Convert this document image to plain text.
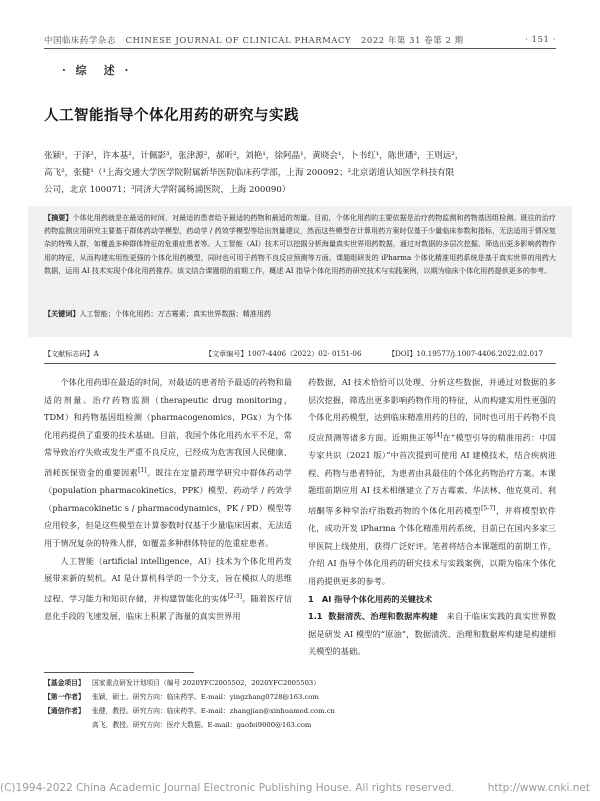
中国临床药学杂志 CHINESE JOURNAL OF CLINICAL PHARMACY 2022 年第 31 卷第 2 期	· 151 ·
· 综　述 ·
人工智能指导个体化用药的研究与实践
张颖¹，于泽²，许本基²，计佩影³，张津源²，郝昕²，刘艳¹，徐阿晶¹，黄晓会¹，卜书红¹，陈世璠²，王则远²，
高飞²，张健¹（¹上海交通大学医学院附属新华医院临床药学部，上海 200092；²北京诺道认知医学科技有限
公司，北京 100071；³同济大学附属杨浦医院，上海 200090）
【摘要】个体化用药就是在最适的时间，对最适的患者给予最适的药物和最适的剂量。目前，个体化用药的主要依据是治疗药物监测和药物基因组检测。既往的治疗药物监测应用研究主要基于群体药动学模型，药动学 / 药效学模型等给出剂量建议，然而这些模型在计算用药方案时仅基于少量临床参数和指标，无法适用于情况复杂的特殊人群，如覆盖多种群体特征的危重症患者等。人工智能（AI）技术可以挖掘分析海量真实世界用药数据，通过对数据的多层次挖掘、筛选出更多影响药物作用的特征，从而构建实用性更强的个体化用药模型，同时也可用于药物不良反应预测等方面。课题组研发的 iPharma 个体化精准用药系统是基于真实世界的用药大数据，运用 AI 技术实现个体化用药推荐。该文结合课题组的前期工作，概述 AI 指导个体化用药的研究技术与实践案例，以期为临床个体化用药提供更多的参考。
【关键词】人工智能；个体化用药；万古霉素；真实世界数据；精准用药
【文献标志码】A	【文章编号】1007-4406（2022）02- 0151-06	【DOI】10.19577/j.1007-4406.2022.02.017

个体化用药即在最适的时间，对最适的患者给予最适的药物和最适的剂量。治疗药物监测（therapeutic drug monitoring，TDM）和药物基因组检测（pharmacogenomics，PGx）为个体化用药提供了重要的技术基础。目前，我国个体化用药水平不足，常常导致治疗失败或发生严重不良反应，已经成为危害我国人民健康、消耗医保资金的重要因素[1]。既往在定量药理学研究中群体药动学（population pharmacokinetics，PPK）模型、药动学 / 药效学（pharmacokinetic s / pharmacodynamics，PK / PD）模型等应用较多，但是这些模型在计算参数时仅基于少量临床因素，无法适用于情况复杂的特殊人群，如覆盖多种群体特征的危重症患者。

人工智能（artificial intelligence，AI）技术为个体化用药发展带来新的契机。AI 是计算机科学的一个分支，旨在模拟人的思维过程、学习能力和知识存储，并构建智能化的实体[2-3]。随着医疗信息化手段的飞速发展，临床上积累了海量的真实世界用

药数据，AI 技术恰恰可以处理、分析这些数据，并通过对数据的多层次挖掘，筛选出更多影响药物作用的特征，从而构建实用性更强的个体化用药模型，达到临床精准用药的目的，同时也可用于药物不良反应预测等诸多方面。近期焦正等[4]在“模型引导的精准用药：中国专家共识（2021 版）”中首次提到可使用 AI 建模技术，结合疾病进程、药物与患者特征，为患者由具最佳的个体化药物治疗方案。本课题组前期应用 AI 技术相继建立了万古霉素、华法林、他克莫司、利培酮等多种窄治疗指数药物的个体化用药模型[5-7]，并将模型软件化，成功开发 iPharma 个体化精准用药系统，目前已在国内多家三甲医院上线使用，获得广泛好评。笔者将结合本课题组的前期工作，介绍 AI 指导个体化用药的研究技术与实践案例，以期为临床个体化用药提供更多的参考。

1　AI 指导个体化用药的关键技术

1.1 数据清洗、治理和数据库构建 来自于临床实践的真实世界数据是研发 AI 模型的“原油”，数据清洗、治理和数据库构建是构建相关模型的基础。

【基金项目】	国家重点研发计划项目（编号 2020YFC2005502，2020YFC2005503）
【第一作者】	张颖，硕士。研究方向：临床药学。E-mail：yingzhang0728@163.com
【通信作者】	张健，教授。研究方向：临床药学。E-mail：zhangjian@xinhuamed.com.cn
高飞，教授。研究方向：医疗大数据。E-mail：gaofei9000@163.com
(C)1994-2022 China Academic Journal Electronic Publishing House. All rights reserved.	http://www.cnki.net
